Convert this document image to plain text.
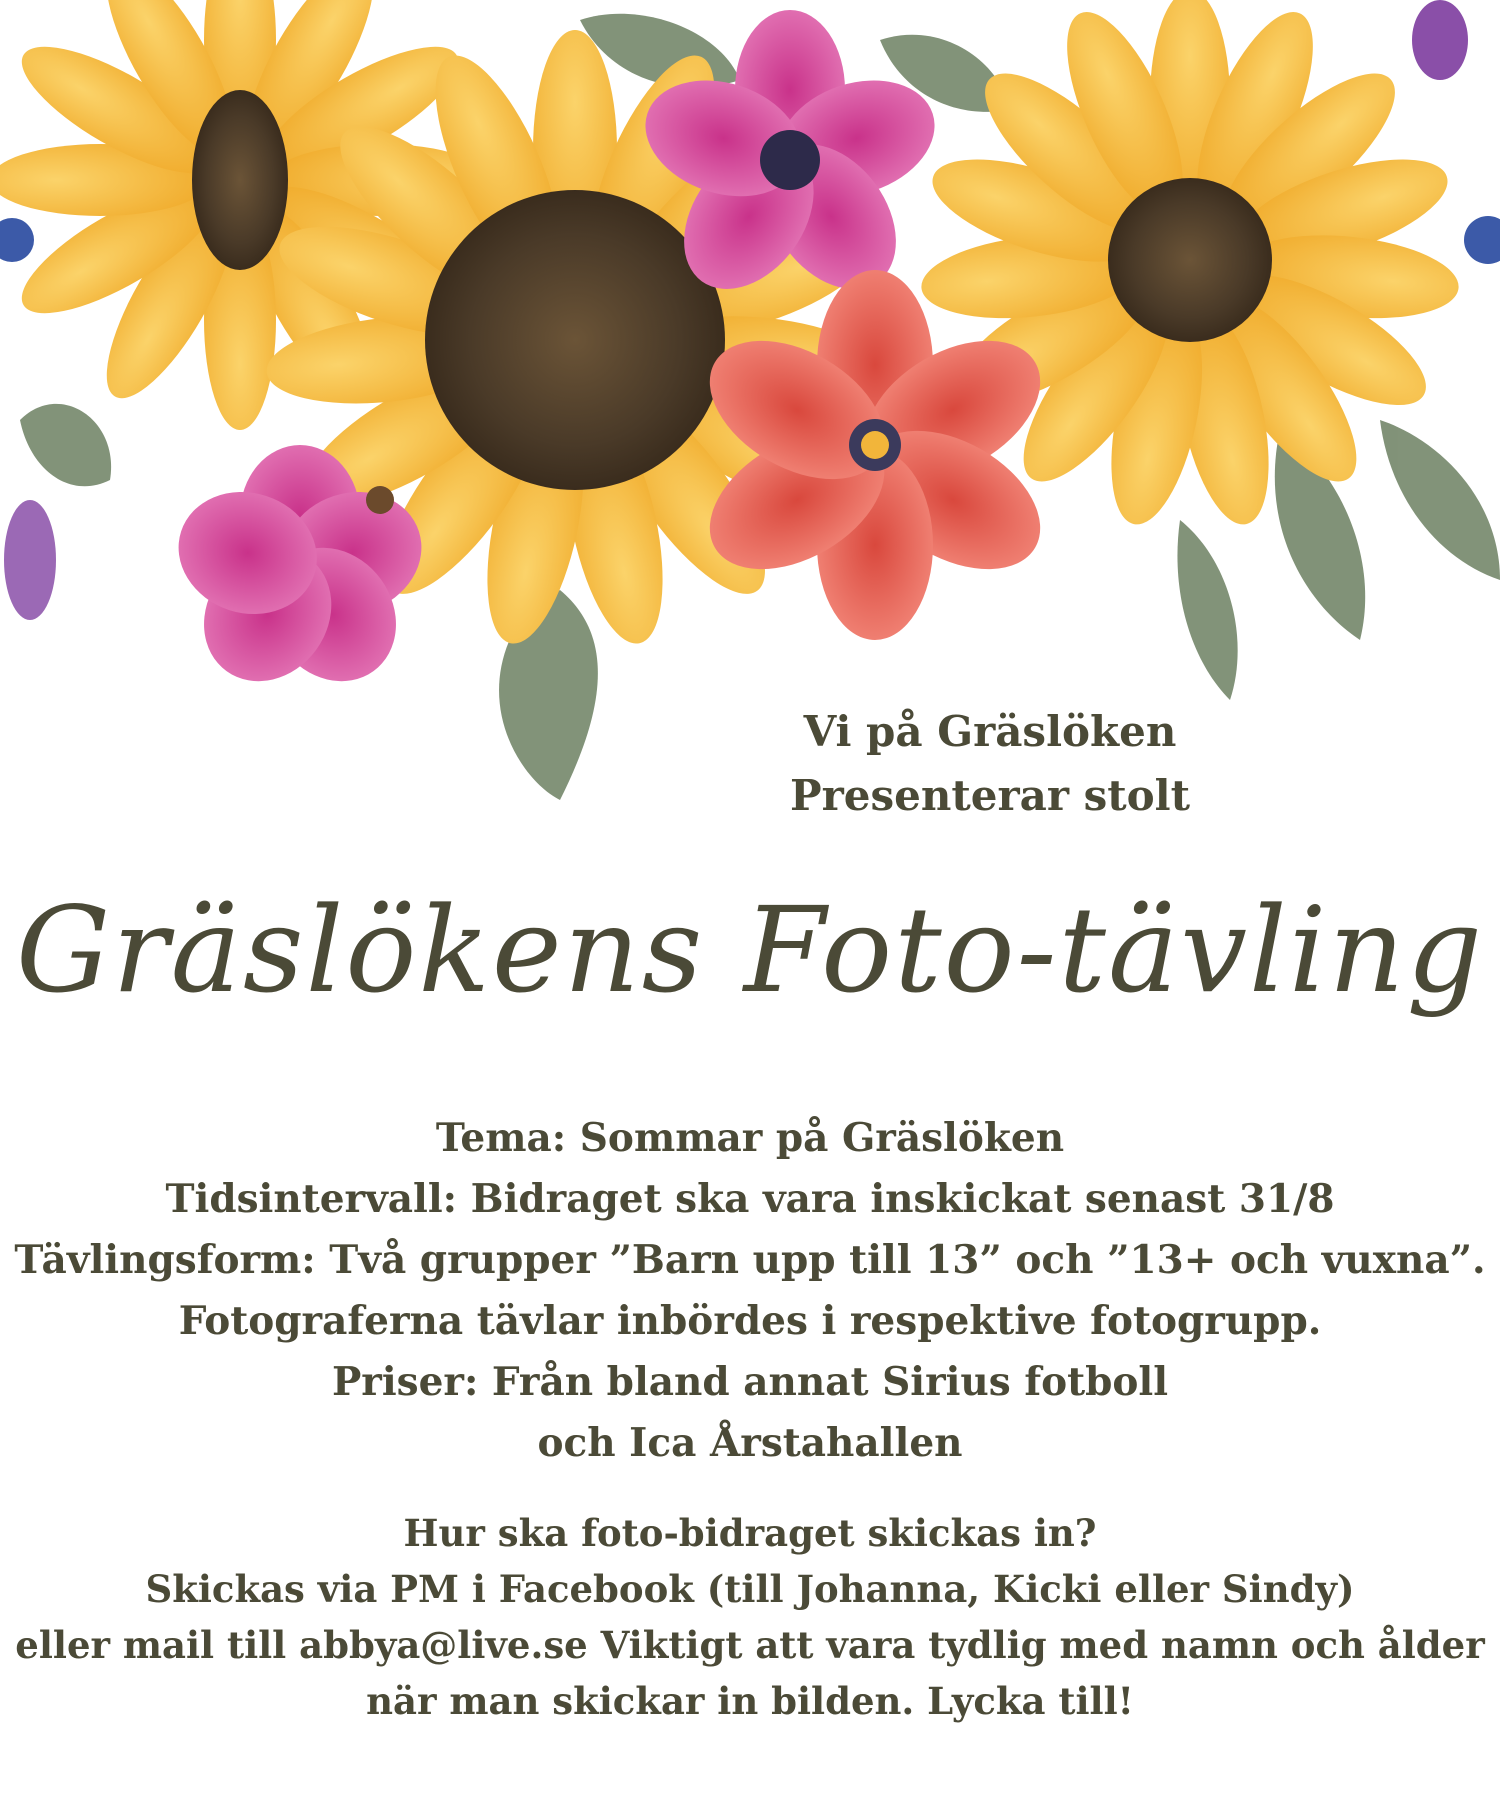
Vi på Gräslöken
Presenterar stolt
Gräslökens Foto-tävling
Tema: Sommar på Gräslöken
Tidsintervall: Bidraget ska vara inskickat senast 31/8
Tävlingsform: Två grupper ”Barn upp till 13” och ”13+ och vuxna”.
Fotograferna tävlar inbördes i respektive fotogrupp.
Priser: Från bland annat Sirius fotboll
och Ica Årstahallen
Hur ska foto-bidraget skickas in?
Skickas via PM i Facebook (till Johanna, Kicki eller Sindy)
eller mail till abbya@live.se Viktigt att vara tydlig med namn och ålder
när man skickar in bilden. Lycka till!
